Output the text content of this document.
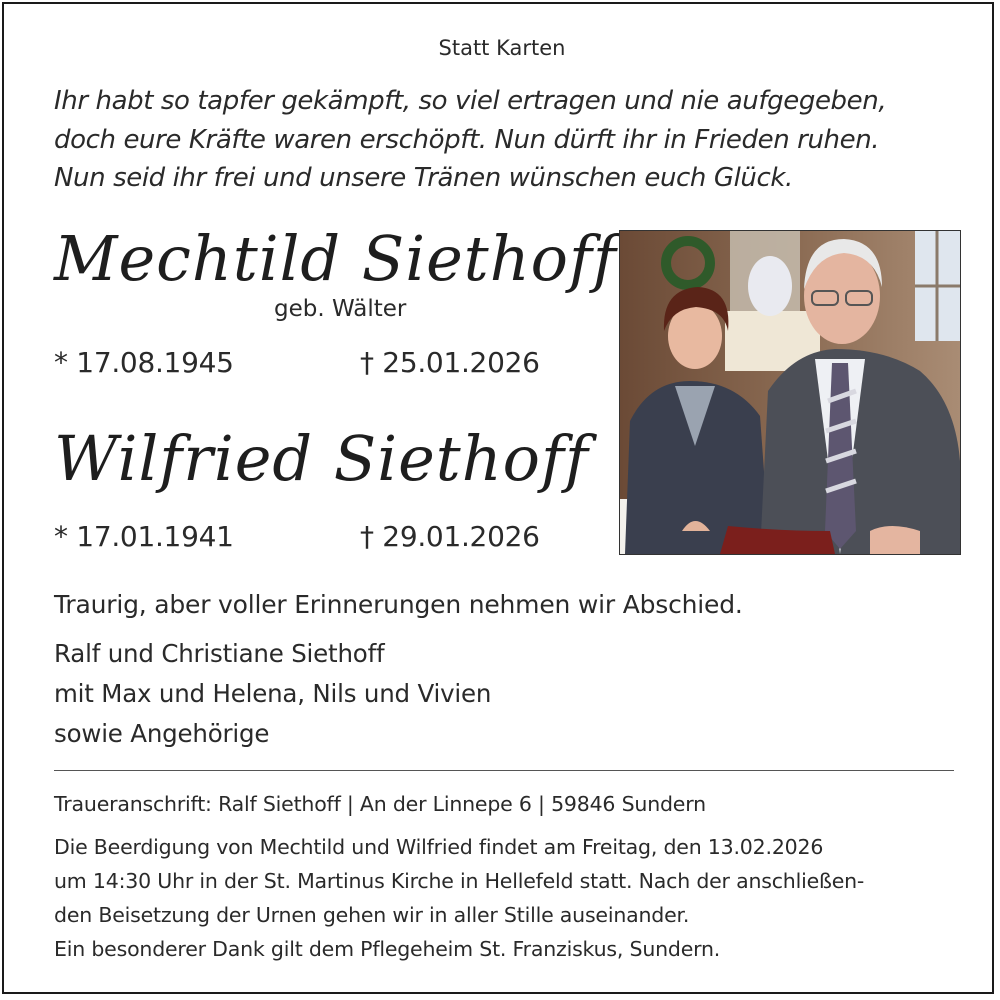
Statt Karten
Ihr habt so tapfer gekämpft, so viel ertragen und nie aufgegeben,
doch eure Kräfte waren erschöpft. Nun dürft ihr in Frieden ruhen.
Nun seid ihr frei und unsere Tränen wünschen euch Glück.
Mechtild Siethoff
geb. Wälter
* 17.08.1945	† 25.01.2026
Wilfried Siethoff
* 17.01.1941	† 29.01.2026
Traurig, aber voller Erinnerungen nehmen wir Abschied.
Ralf und Christiane Siethoff
mit Max und Helena, Nils und Vivien
sowie Angehörige
Traueranschrift: Ralf Siethoff | An der Linnepe 6 | 59846 Sundern
Die Beerdigung von Mechtild und Wilfried findet am Freitag, den 13.02.2026
um 14:30 Uhr in der St. Martinus Kirche in Hellefeld statt. Nach der anschließen-
den Beisetzung der Urnen gehen wir in aller Stille auseinander.
Ein besonderer Dank gilt dem Pflegeheim St. Franziskus, Sundern.
